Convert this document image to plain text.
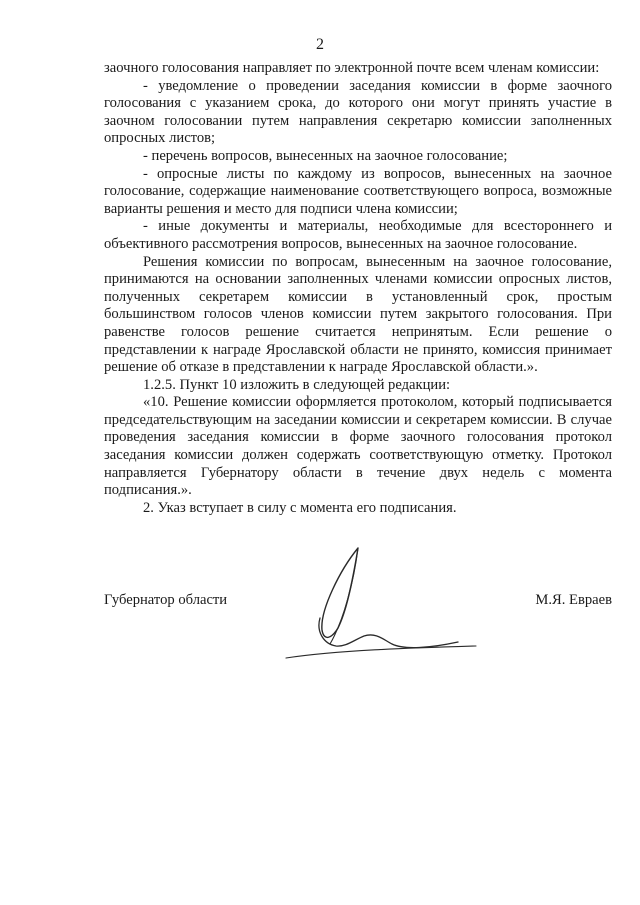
2

заочного голосования направляет по электронной почте всем членам комиссии:

- уведомление о проведении заседания комиссии в форме заочного голосования с указанием срока, до которого они могут принять участие в заочном голосовании путем направления секретарю комиссии заполненных опросных листов;

- перечень вопросов, вынесенных на заочное голосование;

- опросные листы по каждому из вопросов, вынесенных на заочное голосование, содержащие наименование соответствующего вопроса, возможные варианты решения и место для подписи члена комиссии;

- иные документы и материалы, необходимые для всестороннего и объективного рассмотрения вопросов, вынесенных на заочное голосование.

Решения комиссии по вопросам, вынесенным на заочное голосование, принимаются на основании заполненных членами комиссии опросных листов, полученных секретарем комиссии в установленный срок, простым большинством голосов членов комиссии путем закрытого голосования. При равенстве голосов решение считается непринятым. Если решение о представлении к награде Ярославской области не принято, комиссия принимает решение об отказе в представлении к награде Ярославской области.».

1.2.5. Пункт 10 изложить в следующей редакции:

«10. Решение комиссии оформляется протоколом, который подписывается председательствующим на заседании комиссии и секретарем комиссии. В случае проведения заседания комиссии в форме заочного голосования протокол заседания комиссии должен содержать соответствующую отметку. Протокол направляется Губернатору области в течение двух недель с момента подписания.».

2. Указ вступает в силу с момента его подписания.

Губернатор области	М.Я. Евраев
